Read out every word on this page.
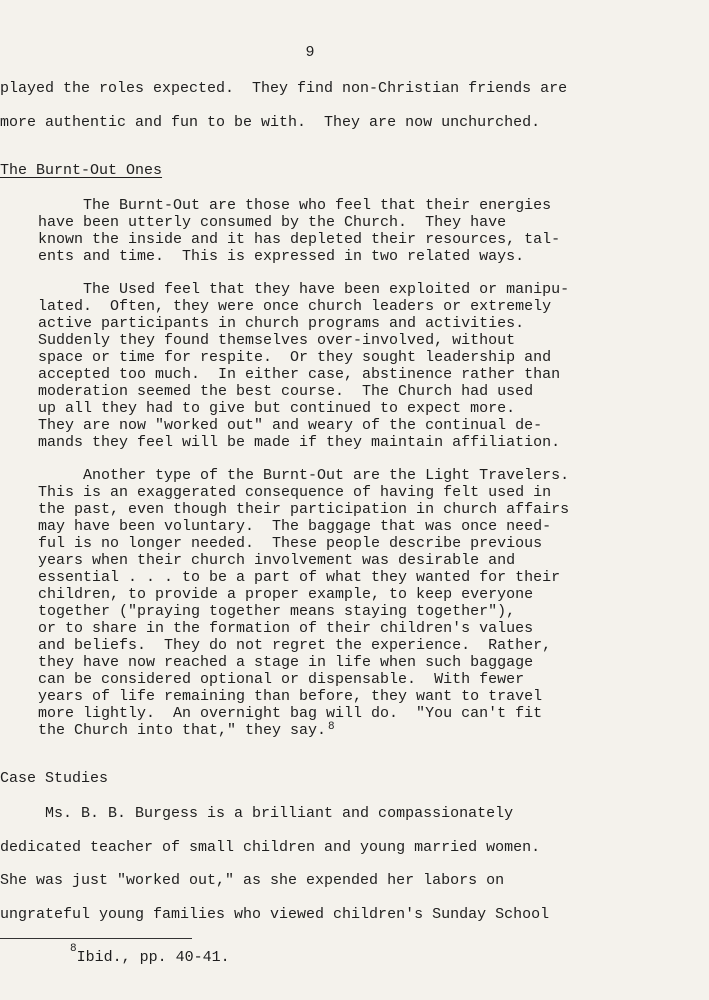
9
played the roles expected.  They find non-Christian friends are
more authentic and fun to be with.  They are now unchurched.
The Burnt-Out Ones
The Burnt-Out are those who feel that their energies
have been utterly consumed by the Church.  They have
known the inside and it has depleted their resources, tal-
ents and time.  This is expressed in two related ways.
The Used feel that they have been exploited or manipu-
lated.  Often, they were once church leaders or extremely
active participants in church programs and activities.
Suddenly they found themselves over-involved, without
space or time for respite.  Or they sought leadership and
accepted too much.  In either case, abstinence rather than
moderation seemed the best course.  The Church had used
up all they had to give but continued to expect more.
They are now "worked out" and weary of the continual de-
mands they feel will be made if they maintain affiliation.
Another type of the Burnt-Out are the Light Travelers.
This is an exaggerated consequence of having felt used in
the past, even though their participation in church affairs
may have been voluntary.  The baggage that was once need-
ful is no longer needed.  These people describe previous
years when their church involvement was desirable and
essential . . . to be a part of what they wanted for their
children, to provide a proper example, to keep everyone
together ("praying together means staying together"),
or to share in the formation of their children's values
and beliefs.  They do not regret the experience.  Rather,
they have now reached a stage in life when such baggage
can be considered optional or dispensable.  With fewer
years of life remaining than before, they want to travel
more lightly.  An overnight bag will do.  "You can't fit
the Church into that," they say. $^8$
Case Studies
Ms. B. B. Burgess is a brilliant and compassionately
dedicated teacher of small children and young married women.
She was just "worked out," as she expended her labors on
ungrateful young families who viewed children's Sunday School
$^8$Ibid., pp. 40-41.
